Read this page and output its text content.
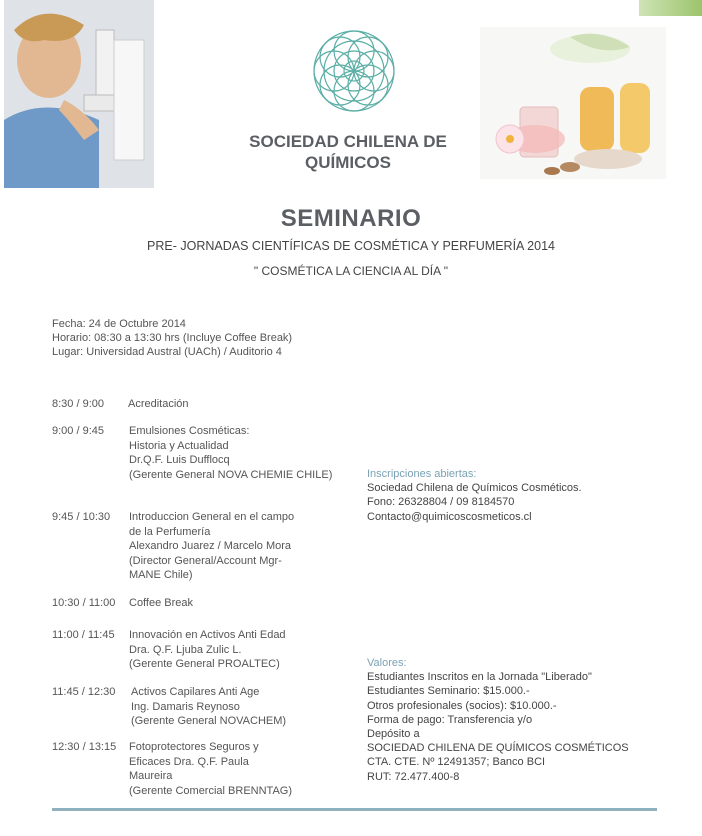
SOCIEDAD CHILENA DE
QUÍMICOS
SEMINARIO
PRE- JORNADAS CIENTÍFICAS DE COSMÉTICA Y PERFUMERÍA 2014
" COSMÉTICA LA CIENCIA AL DÍA "
Fecha: 24 de Octubre 2014
Horario: 08:30 a 13:30 hrs (Incluye Coffee Break)
Lugar: Universidad Austral (UACh) / Auditorio 4
8:30 / 9:00 Acreditación
9:00 / 9:45 Emulsiones Cosméticas:
Historia y Actualidad
Dr.Q.F. Luis Dufflocq
(Gerente General NOVA CHEMIE CHILE)
9:45 / 10:30 Introduccion General en el campo
de la Perfumería
Alexandro Juarez / Marcelo Mora
(Director General/Account Mgr-
MANE Chile)
10:30 / 11:00 Coffee Break
11:00 / 11:45 Innovación en Activos Anti Edad
Dra. Q.F. Ljuba Zulic L.
(Gerente General PROALTEC)
11:45 / 12:30 Activos Capilares Anti Age
Ing. Damaris Reynoso
(Gerente General NOVACHEM)
12:30 / 13:15 Fotoprotectores Seguros y
Eficaces Dra. Q.F. Paula
Maureira
(Gerente Comercial BRENNTAG)
Inscripciones abiertas:
Sociedad Chilena de Químicos Cosméticos.
Fono: 26328804 / 09 8184570
Contacto@quimicoscosmeticos.cl
Valores:
Estudiantes Inscritos en la Jornada "Liberado"
Estudiantes Seminario: $15.000.-
Otros profesionales (socios): $10.000.-
Forma de pago: Transferencia y/o
Depósito a
SOCIEDAD CHILENA DE QUÍMICOS COSMÉTICOS
CTA. CTE. Nº 12491357; Banco BCI
RUT: 72.477.400-8
